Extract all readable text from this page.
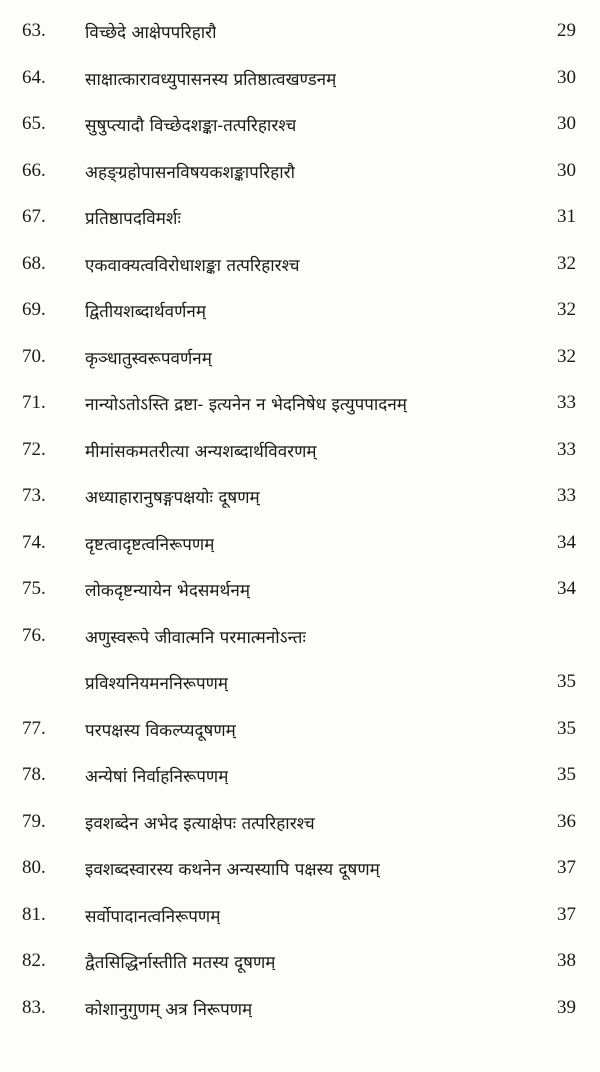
63. विच्छेदे आक्षेपपरिहारौ	29
64. साक्षात्कारावध्युपासनस्य प्रतिष्ठात्वखण्डनम्	30
65. सुषुप्त्यादौ विच्छेदशङ्का-तत्परिहारश्च	30
66. अहङ्ग्रहोपासनविषयकशङ्कापरिहारौ	30
67. प्रतिष्ठापदविमर्शः	31
68. एकवाक्यत्वविरोधाशङ्का तत्परिहारश्च	32
69. द्वितीयशब्दार्थवर्णनम्	32
70. कृञ्धातुस्वरूपवर्णनम्	32
71. नान्योऽतोऽस्ति द्रष्टा- इत्यनेन न भेदनिषेध इत्युपपादनम्	33
72. मीमांसकमतरीत्या अन्यशब्दार्थविवरणम्	33
73. अध्याहारानुषङ्गपक्षयोः दूषणम्	33
74. दृष्टत्वादृष्टत्वनिरूपणम्	34
75. लोकदृष्टन्यायेन भेदसमर्थनम्	34
76. अणुस्वरूपे जीवात्मनि परमात्मनोऽन्तः
प्रविश्यनियमननिरूपणम्	35
77. परपक्षस्य विकल्प्यदूषणम्	35
78. अन्येषां निर्वाहनिरूपणम्	35
79. इवशब्देन अभेद इत्याक्षेपः तत्परिहारश्च	36
80. इवशब्दस्वारस्य कथनेन अन्यस्यापि पक्षस्य दूषणम्	37
81. सर्वोपादानत्वनिरूपणम्	37
82. द्वैतसिद्धिर्नास्तीति मतस्य दूषणम्	38
83. कोशानुगुणम् अत्र निरूपणम्	39
